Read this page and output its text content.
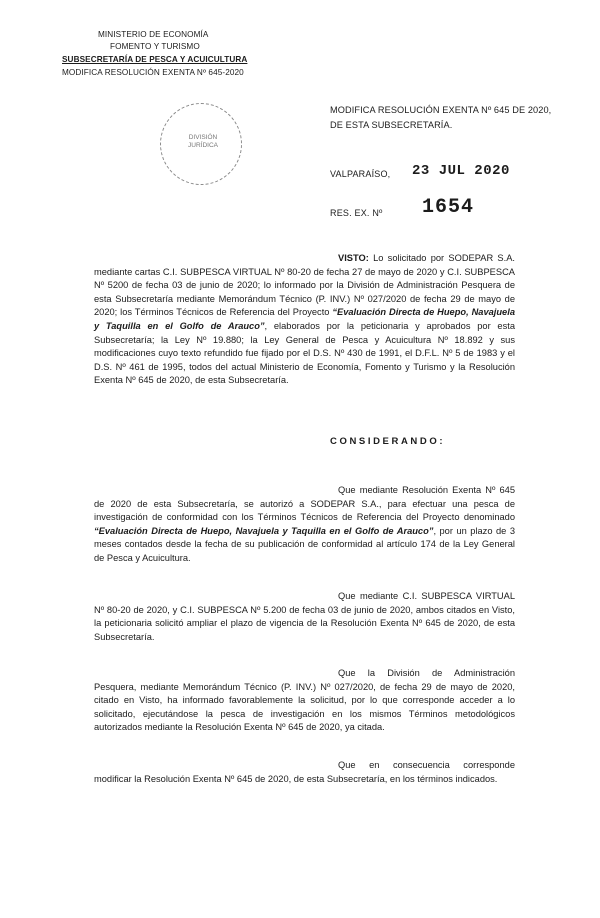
MINISTERIO DE ECONOMÍA
FOMENTO Y TURISMO
SUBSECRETARÍA DE PESCA Y ACUICULTURA
MODIFICA RESOLUCIÓN EXENTA Nº 645-2020
MODIFICA RESOLUCIÓN EXENTA Nº 645 DE 2020,
DE ESTA SUBSECRETARÍA.
DIVISIÓN
JURÍDICA
VALPARAÍSO, 23 JUL 2020
RES. EX. Nº 1654
VISTO: Lo solicitado por SODEPAR S.A. mediante cartas C.I. SUBPESCA VIRTUAL Nº 80-20 de fecha 27 de mayo de 2020 y C.I. SUBPESCA Nº 5200 de fecha 03 de junio de 2020; lo informado por la División de Administración Pesquera de esta Subsecretaría mediante Memorándum Técnico (P. INV.) Nº 027/2020 de fecha 29 de mayo de 2020; los Términos Técnicos de Referencia del Proyecto “Evaluación Directa de Huepo, Navajuela y Taquilla en el Golfo de Arauco”, elaborados por la peticionaria y aprobados por esta Subsecretaría; la Ley Nº 19.880; la Ley General de Pesca y Acuicultura Nº 18.892 y sus modificaciones cuyo texto refundido fue fijado por el D.S. Nº 430 de 1991, el D.F.L. Nº 5 de 1983 y el D.S. Nº 461 de 1995, todos del actual Ministerio de Economía, Fomento y Turismo y la Resolución Exenta Nº 645 de 2020, de esta Subsecretaría.
CONSIDERANDO:
Que mediante Resolución Exenta Nº 645 de 2020 de esta Subsecretaría, se autorizó a SODEPAR S.A., para efectuar una pesca de investigación de conformidad con los Términos Técnicos de Referencia del Proyecto denominado “Evaluación Directa de Huepo, Navajuela y Taquilla en el Golfo de Arauco”, por un plazo de 3 meses contados desde la fecha de su publicación de conformidad al artículo 174 de la Ley General de Pesca y Acuicultura.
Que mediante C.I. SUBPESCA VIRTUAL Nº 80-20 de 2020, y C.I. SUBPESCA Nº 5.200 de fecha 03 de junio de 2020, ambos citados en Visto, la peticionaria solicitó ampliar el plazo de vigencia de la Resolución Exenta Nº 645 de 2020, de esta Subsecretaría.
Que la División de Administración Pesquera, mediante Memorándum Técnico (P. INV.) Nº 027/2020, de fecha 29 de mayo de 2020, citado en Visto, ha informado favorablemente la solicitud, por lo que corresponde acceder a lo solicitado, ejecutándose la pesca de investigación en los mismos Términos metodológicos autorizados mediante la Resolución Exenta Nº 645 de 2020, ya citada.
Que en consecuencia corresponde modificar la Resolución Exenta Nº 645 de 2020, de esta Subsecretaría, en los términos indicados.
